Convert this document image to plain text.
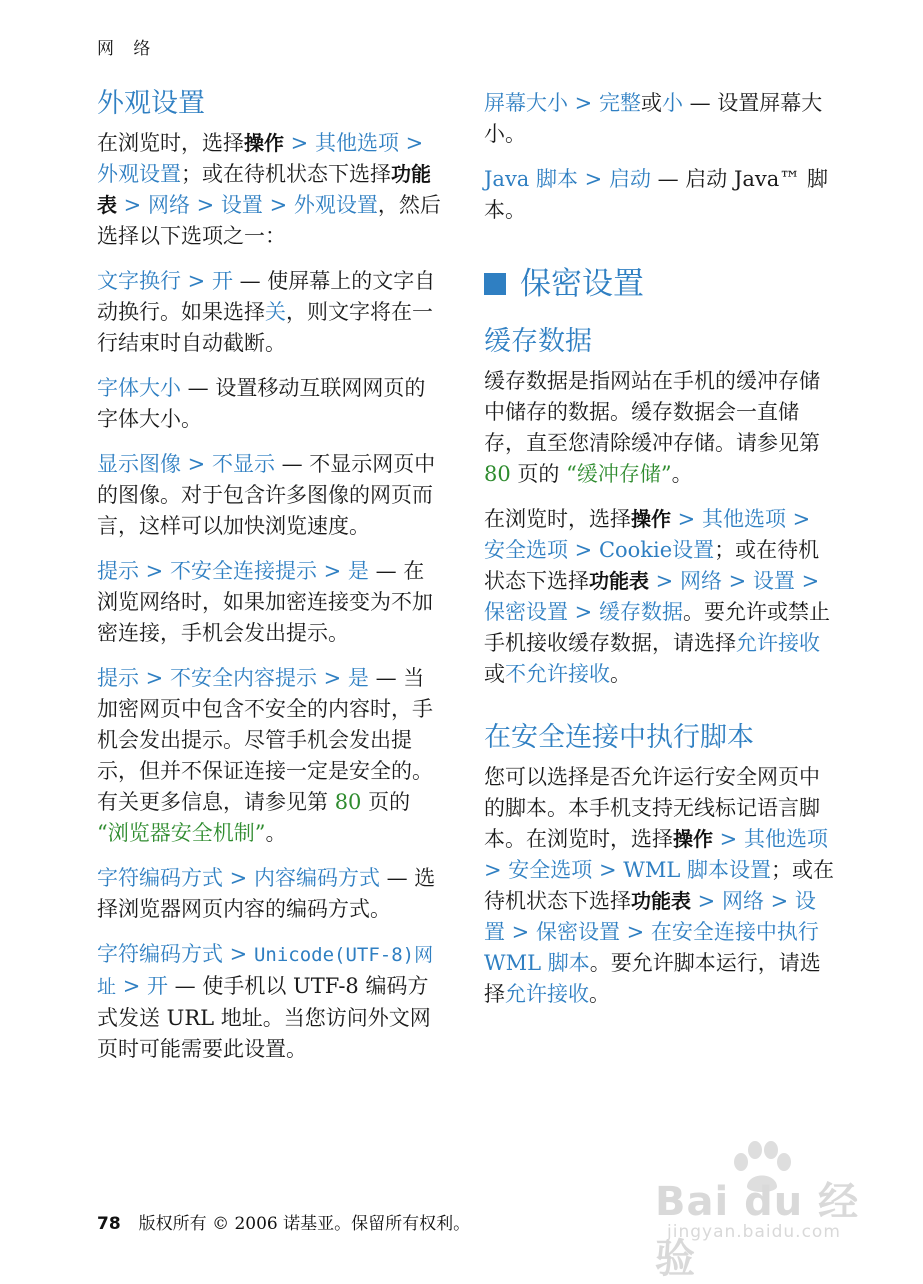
网 络
外观设置

在浏览时，选择操作 > 其他选项 > 外观设置；或在待机状态下选择功能表 > 网络 > 设置 > 外观设置，然后选择以下选项之一：

文字换行 > 开 — 使屏幕上的文字自动换行。如果选择关，则文字将在一行结束时自动截断。

字体大小 — 设置移动互联网网页的字体大小。

显示图像 > 不显示 — 不显示网页中的图像。对于包含许多图像的网页而言，这样可以加快浏览速度。

提示 > 不安全连接提示 > 是 — 在浏览网络时，如果加密连接变为不加密连接，手机会发出提示。

提示 > 不安全内容提示 > 是 — 当加密网页中包含不安全的内容时，手机会发出提示。尽管手机会发出提示，但并不保证连接一定是安全的。有关更多信息，请参见第 80 页的 “浏览器安全机制”。

字符编码方式 > 内容编码方式 — 选择浏览器网页内容的编码方式。

字符编码方式 > Unicode(UTF-8)网址 > 开 — 使手机以 UTF-8 编码方式发送 URL 地址。当您访问外文网页时可能需要此设置。

屏幕大小 > 完整或小 — 设置屏幕大小。

Java 脚本 > 启动 — 启动 Java™ 脚本。

保密设置
缓存数据

缓存数据是指网站在手机的缓冲存储中储存的数据。缓存数据会一直储存，直至您清除缓冲存储。请参见第 80 页的 “缓冲存储”。

在浏览时，选择操作 > 其他选项 > 安全选项 > Cookie设置；或在待机状态下选择功能表 > 网络 > 设置 > 保密设置 > 缓存数据。要允许或禁止手机接收缓存数据，请选择允许接收或不允许接收。

在安全连接中执行脚本

您可以选择是否允许运行安全网页中的脚本。本手机支持无线标记语言脚本。在浏览时，选择操作 > 其他选项 > 安全选项 > WML 脚本设置；或在待机状态下选择功能表 > 网络 > 设置 > 保密设置 > 在安全连接中执行 WML 脚本。要允许脚本运行，请选择允许接收。

78 版权所有 © 2006 诺基亚。保留所有权利。	Bai du 经验
jingyan.baidu.com
